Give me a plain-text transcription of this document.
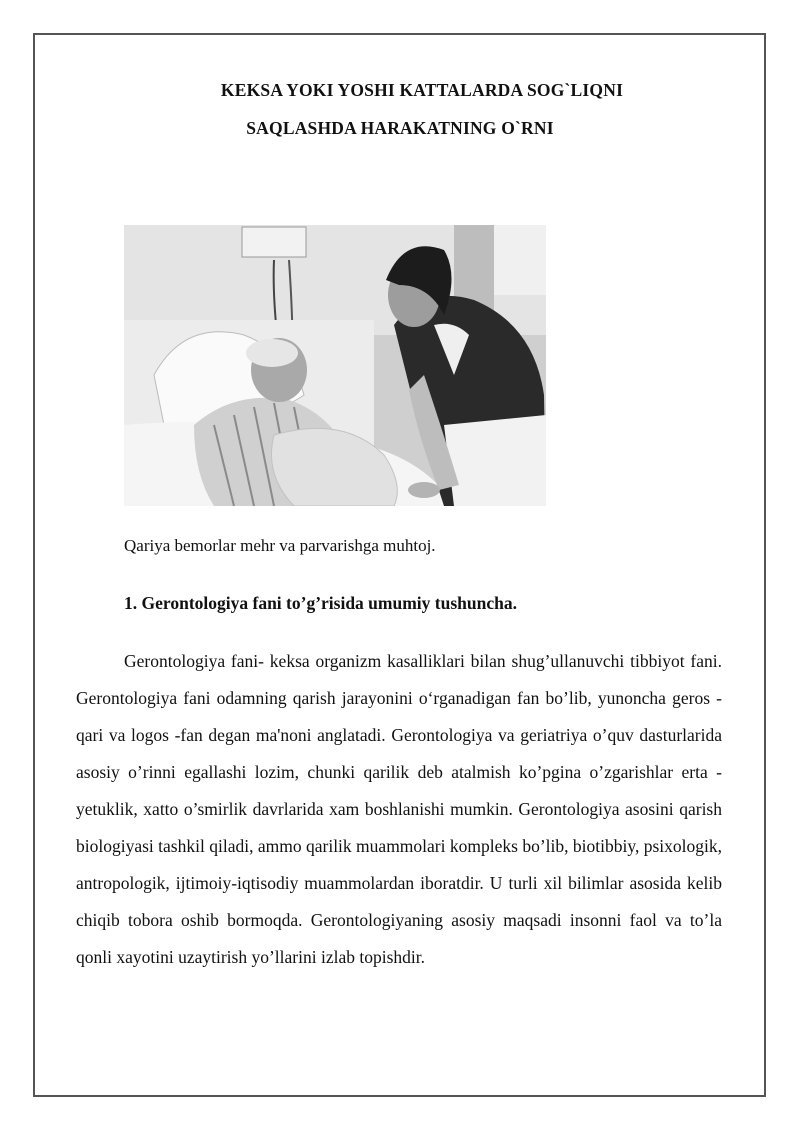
KEKSA YOKI YOSHI KATTALARDA SOG`LIQNI
SAQLASHDA HARAKATNING O`RNI

Qariya bemorlar mehr va parvarishga muhtoj.

1. Gerontologiya fani to’g’risida umumiy tushuncha.

Gerontologiya fani- keksa organizm kasalliklari bilan shug’ullanuvchi tibbiyot fani. Gerontologiya fani odamning qarish jarayonini o‘rganadigan fan bo’lib, yunoncha geros -qari va logos -fan degan ma'noni anglatadi. Gerontologiya va geriatriya o’quv dasturlarida asosiy o’rinni egallashi lozim, chunki qarilik deb atalmish ko’pgina o’zgarishlar erta - yetuklik, xatto o’smirlik davrlarida xam boshlanishi mumkin. Gerontologiya asosini qarish biologiyasi tashkil qiladi, ammo qarilik muammolari kompleks bo’lib, biotibbiy, psixologik, antropologik, ijtimoiy-iqtisodiy muammolardan iboratdir. U turli xil bilimlar asosida kelib chiqib tobora oshib bormoqda. Gerontologiyaning asosiy maqsadi insonni faol va to’la qonli xayotini uzaytirish yo’llarini izlab topishdir.
